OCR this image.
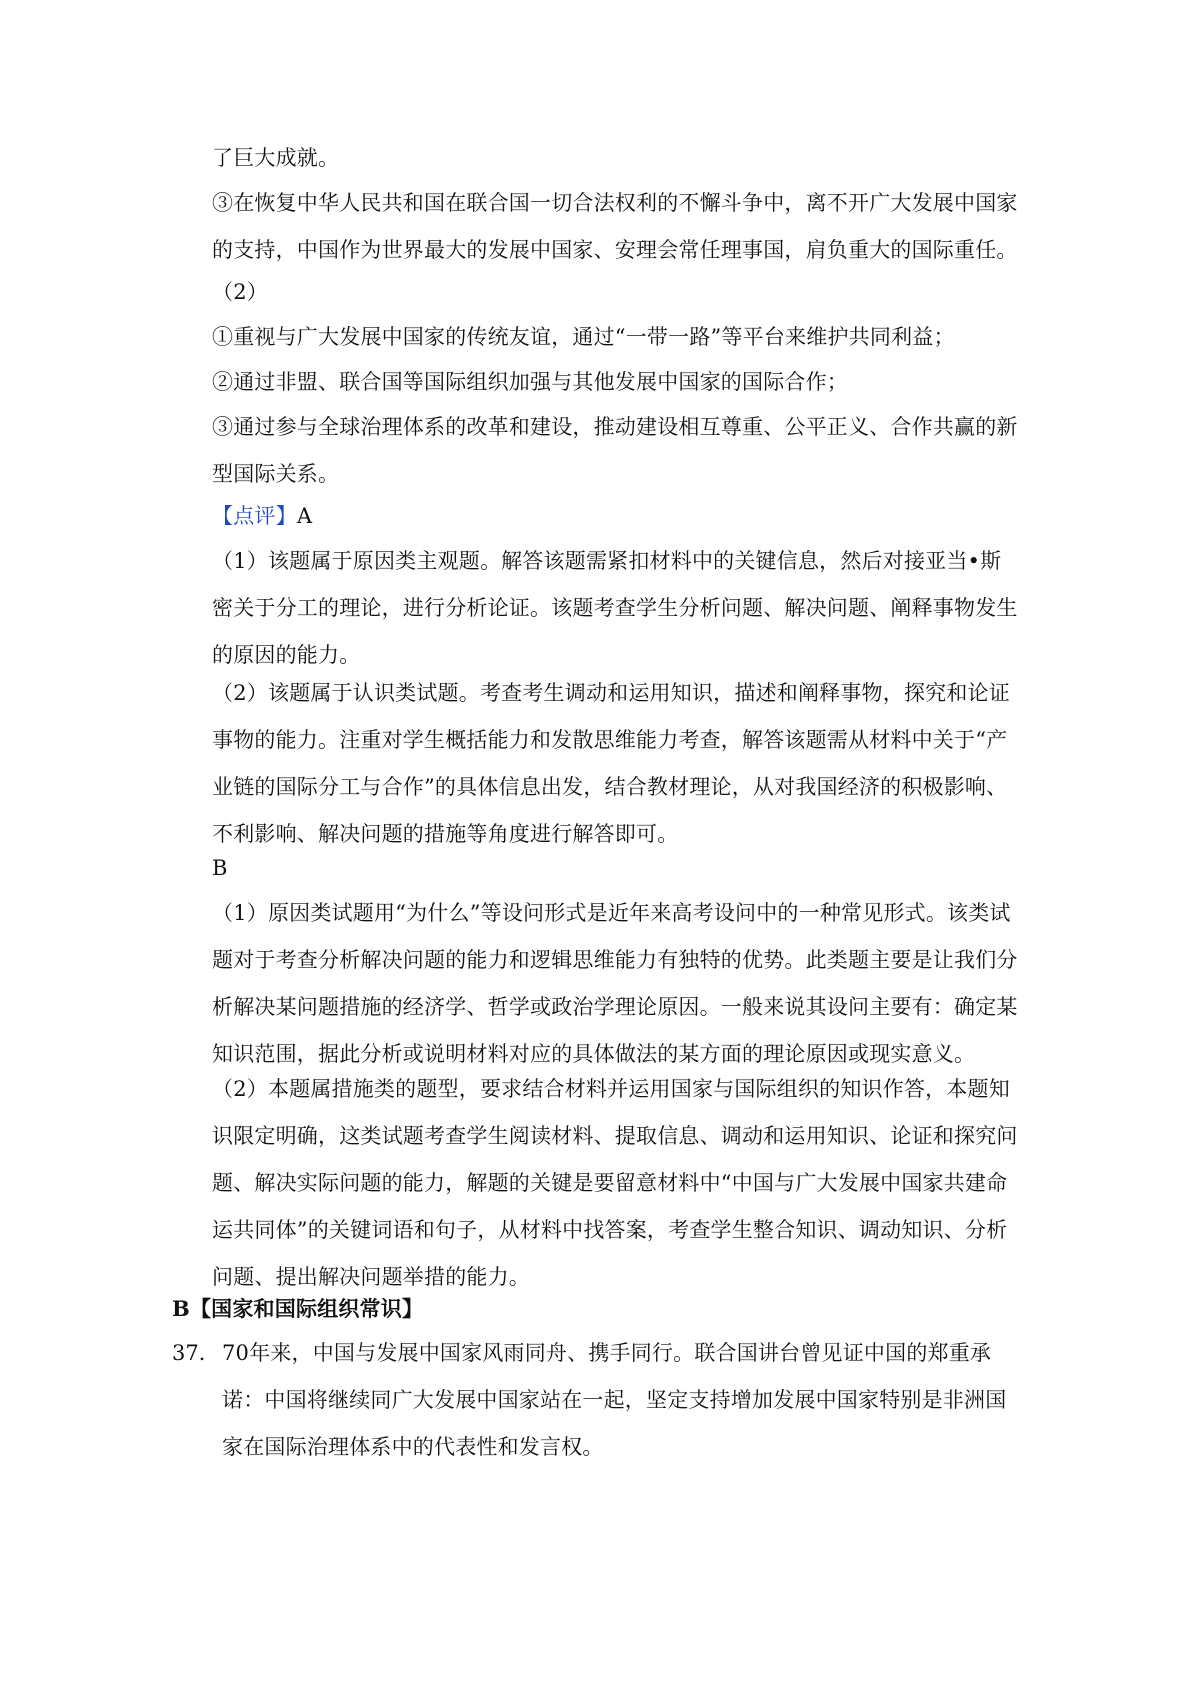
了巨大成就。

③在恢复中华人民共和国在联合国一切合法权利的不懈斗争中，离不开广大发展中国家的支持，中国作为世界最大的发展中国家、安理会常任理事国，肩负重大的国际重任。

（2）

①重视与广大发展中国家的传统友谊，通过“一带一路”等平台来维护共同利益；

②通过非盟、联合国等国际组织加强与其他发展中国家的国际合作；

③通过参与全球治理体系的改革和建设，推动建设相互尊重、公平正义、合作共赢的新型国际关系。

【点评】A

（1）该题属于原因类主观题。解答该题需紧扣材料中的关键信息，然后对接亚当•斯密关于分工的理论，进行分析论证。该题考查学生分析问题、解决问题、阐释事物发生的原因的能力。

（2）该题属于认识类试题。考查考生调动和运用知识，描述和阐释事物，探究和论证事物的能力。注重对学生概括能力和发散思维能力考查，解答该题需从材料中关于“产业链的国际分工与合作”的具体信息出发，结合教材理论，从对我国经济的积极影响、不利影响、解决问题的措施等角度进行解答即可。

B

（1）原因类试题用“为什么”等设问形式是近年来高考设问中的一种常见形式。该类试题对于考查分析解决问题的能力和逻辑思维能力有独特的优势。此类题主要是让我们分析解决某问题措施的经济学、哲学或政治学理论原因。一般来说其设问主要有：确定某知识范围，据此分析或说明材料对应的具体做法的某方面的理论原因或现实意义。

（2）本题属措施类的题型，要求结合材料并运用国家与国际组织的知识作答，本题知识限定明确，这类试题考查学生阅读材料、提取信息、调动和运用知识、论证和探究问题、解决实际问题的能力，解题的关键是要留意材料中“中国与广大发展中国家共建命运共同体”的关键词语和句子，从材料中找答案，考查学生整合知识、调动知识、分析问题、提出解决问题举措的能力。

B【国家和国际组织常识】

37． 70年来，中国与发展中国家风雨同舟、携手同行。联合国讲台曾见证中国的郑重承诺：中国将继续同广大发展中国家站在一起，坚定支持增加发展中国家特别是非洲国家在国际治理体系中的代表性和发言权。
